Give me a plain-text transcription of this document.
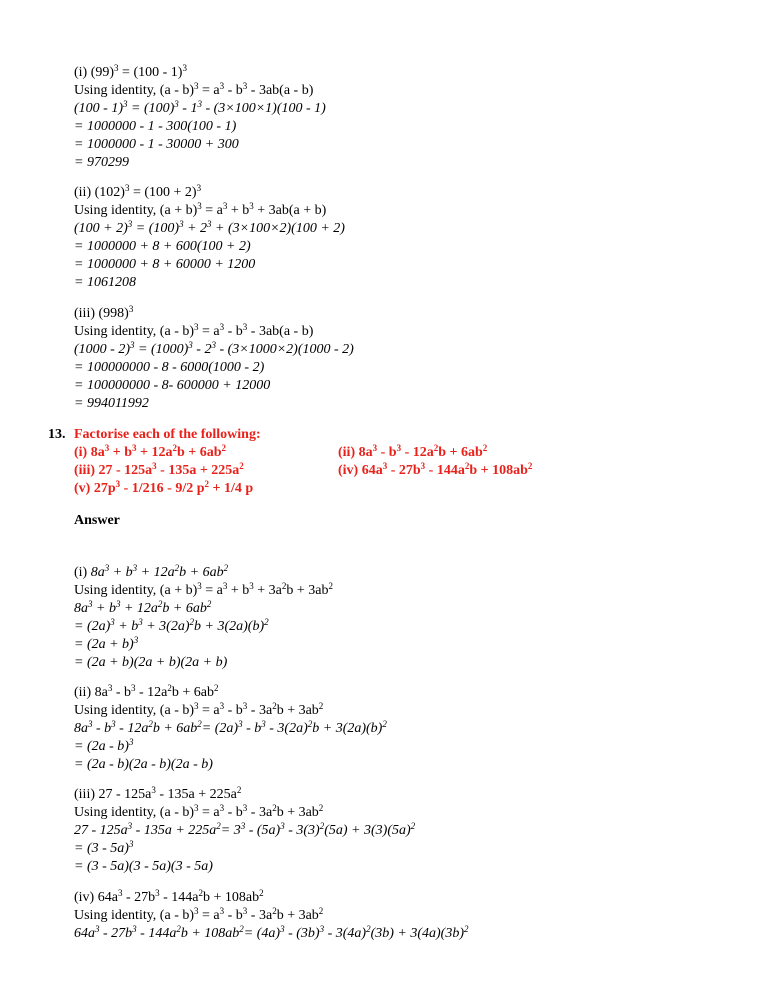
(i) $(99)^3 = (100 - 1)^3$
Using identity, $(a - b)^3 = a^3 - b^3 - 3ab(a - b)$
$(100 - 1)^3 = (100)^3 - 1^3 - (3\times 100\times 1)(100 - 1)$
= 1000000 - 1 - 300(100 - 1)
= 1000000 - 1 - 30000 + 300
= 970299
(ii) $(102)^3 = (100 + 2)^3$
Using identity, $(a + b)^3 = a^3 + b^3 + 3ab(a + b)$
$(100 + 2)^3 = (100)^3 + 2^3 + (3\times 100\times 2)(100 + 2)$
= 1000000 + 8 + 600(100 + 2)
= 1000000 + 8 + 60000 + 1200
= 1061208
(iii) $(998)^3$
Using identity, $(a - b)^3 = a^3 - b^3 - 3ab(a - b)$
$(1000 - 2)^3 = (1000)^3 - 2^3 - (3\times 1000\times 2)(1000 - 2)$
= 100000000 - 8 - 6000(1000 - 2)
= 100000000 - 8- 600000 + 12000
= 994011992
13. Factorise each of the following:
(i) $8a^3 + b^3 + 12a^2b + 6ab^2$	(ii) $8a^3 - b^3 - 12a^2b + 6ab^2$
(iii) $27 - 125a^3 - 135a + 225a^2$	(iv) $64a^3 - 27b^3 - 144a^2b + 108ab^2$
(v) $27p^3 - 1/216 - 9/2$ $p^2 + 1/4$ p
Answer
(i) $8a^3 + b^3 + 12a^2b + 6ab^2$
Using identity, $(a + b)^3 = a^3 + b^3 + 3a^2b + 3ab^2$
$8a^3 + b^3 + 12a^2b + 6ab^2$
= $(2a)^3 + b^3 + 3(2a)^2b + 3(2a)(b)^2$
= $(2a + b)^3$
= (2a + b)(2a + b)(2a + b)
(ii) $8a^3 - b^3 - 12a^2b + 6ab^2$
Using identity, $(a - b)^3 = a^3 - b^3 - 3a^2b + 3ab^2$
$8a^3 - b^3 - 12a^2b + 6ab^2= (2a)^3 - b^3 - 3(2a)^2b + 3(2a)(b)^2$
= (2a - b)$^3$
= (2a - b)(2a - b)(2a - b)
(iii) $27 - 125a^3 - 135a + 225a^2$
Using identity, $(a - b)^3 = a^3 - b^3 - 3a^2b + 3ab^2$
$27 - 125a^3 - 135a + 225a^2= 3^3 - (5a)^3 - 3(3)^2(5a) + 3(3)(5a)^2$
= (3 - 5a)$^3$
= (3 - 5a)(3 - 5a)(3 - 5a)
(iv) $64a^3 - 27b^3 - 144a^2b + 108ab^2$
Using identity, $(a - b)^3 = a^3 - b^3 - 3a^2b + 3ab^2$
$64a^3 - 27b^3 - 144a^2b + 108ab^2= (4a)^3 - (3b)^3 - 3(4a)^2(3b) + 3(4a)(3b)^2$
